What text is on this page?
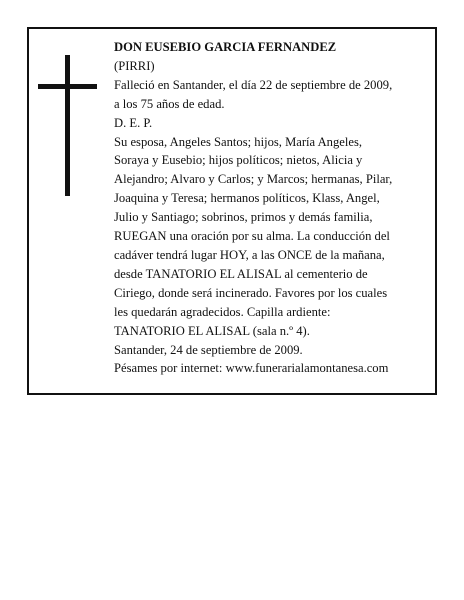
DON EUSEBIO GARCIA FERNANDEZ

(PIRRI)

Falleció en Santander, el día 22 de septiembre de 2009,

a los 75 años de edad.

D. E. P.

Su esposa, Angeles Santos; hijos, María Angeles,

Soraya y Eusebio; hijos políticos; nietos, Alicia y

Alejandro; Alvaro y Carlos; y Marcos; hermanas, Pilar,

Joaquina y Teresa; hermanos políticos, Klass, Angel,

Julio y Santiago; sobrinos, primos y demás familia,

RUEGAN una oración por su alma. La conducción del

cadáver tendrá lugar HOY, a las ONCE de la mañana,

desde TANATORIO EL ALISAL al cementerio de

Ciriego, donde será incinerado. Favores por los cuales

les quedarán agradecidos. Capilla ardiente:

TANATORIO EL ALISAL (sala n.º 4).

Santander, 24 de septiembre de 2009.

Pésames por internet: www.funerarialamontanesa.com
